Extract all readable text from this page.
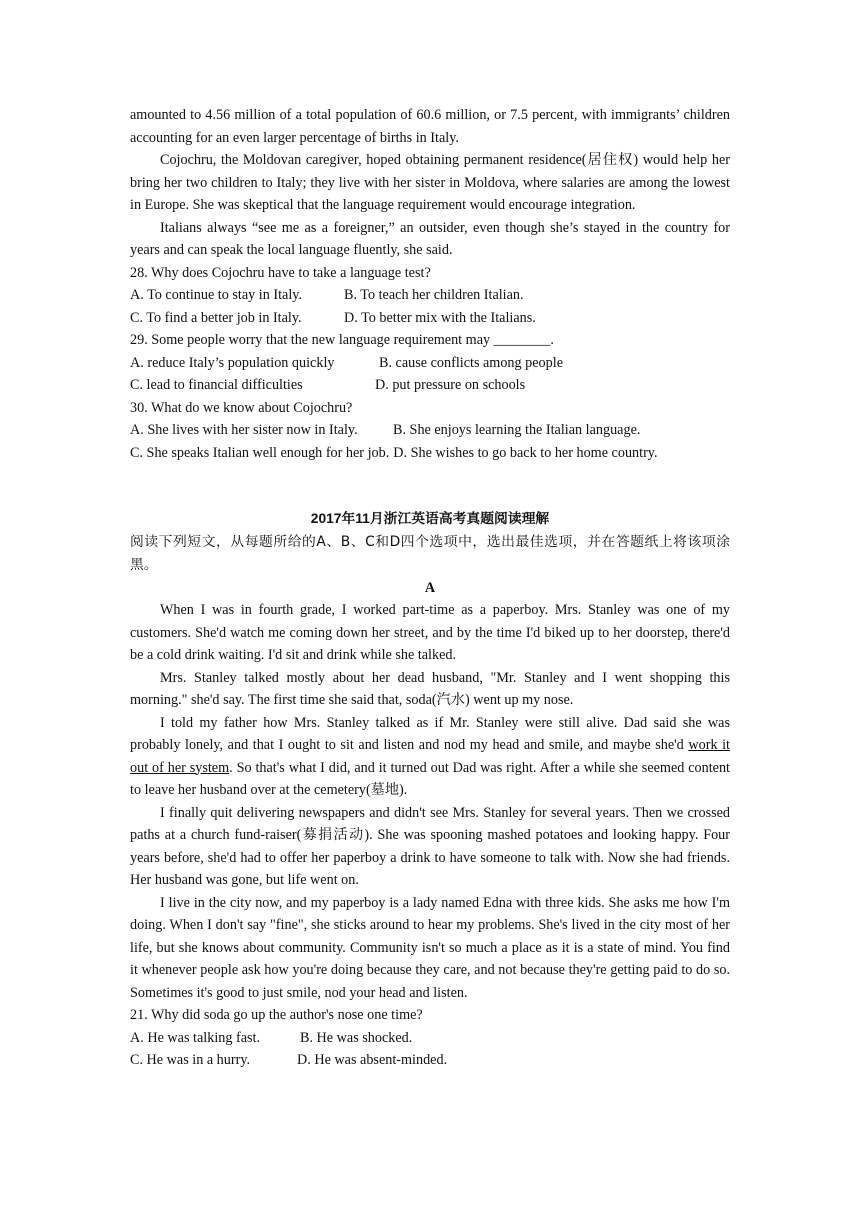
amounted to 4.56 million of a total population of 60.6 million, or 7.5 percent, with immigrants’ children accounting for an even larger percentage of births in Italy.

Cojochru, the Moldovan caregiver, hoped obtaining permanent residence(居住权) would help her bring her two children to Italy; they live with her sister in Moldova, where salaries are among the lowest in Europe. She was skeptical that the language requirement would encourage integration.

Italians always “see me as a foreigner,” an outsider, even though she’s stayed in the country for years and can speak the local language fluently, she said.

28. Why does Cojochru have to take a language test?

A. To continue to stay in Italy.	B. To teach her children Italian.
C. To find a better job in Italy.	D. To better mix with the Italians.

29. Some people worry that the new language requirement may ________.

A. reduce Italy’s population quickly	B. cause conflicts among people
C. lead to financial difficulties	D. put pressure on schools

30. What do we know about Cojochru?

A. She lives with her sister now in Italy.	B. She enjoys learning the Italian language.
C. She speaks Italian well enough for her job. D. She wishes to go back to her home country.

2017年11月浙江英语高考真题阅读理解

阅读下列短文，从每题所给的A、B、C和D四个选项中，选出最佳选项，并在答题纸上将该项涂黑。

A

When I was in fourth grade, I worked part-time as a paperboy. Mrs. Stanley was one of my customers. She'd watch me coming down her street, and by the time I'd biked up to her doorstep, there'd be a cold drink waiting. I'd sit and drink while she talked.

Mrs. Stanley talked mostly about her dead husband, "Mr. Stanley and I went shopping this morning." she'd say. The first time she said that, soda(汽水) went up my nose.

I told my father how Mrs. Stanley talked as if Mr. Stanley were still alive. Dad said she was probably lonely, and that I ought to sit and listen and nod my head and smile, and maybe she'd work it out of her system. So that's what I did, and it turned out Dad was right. After a while she seemed content to leave her husband over at the cemetery(墓地).

I finally quit delivering newspapers and didn't see Mrs. Stanley for several years. Then we crossed paths at a church fund-raiser(募捐活动). She was spooning mashed potatoes and looking happy. Four years before, she'd had to offer her paperboy a drink to have someone to talk with. Now she had friends. Her husband was gone, but life went on.

I live in the city now, and my paperboy is a lady named Edna with three kids. She asks me how I'm doing. When I don't say "fine", she sticks around to hear my problems. She's lived in the city most of her life, but she knows about community. Community isn't so much a place as it is a state of mind. You find it whenever people ask how you're doing because they care, and not because they're getting paid to do so. Sometimes it's good to just smile, nod your head and listen.

21. Why did soda go up the author's nose one time?

A. He was talking fast.	B. He was shocked.
C. He was in a hurry.	D. He was absent-minded.
